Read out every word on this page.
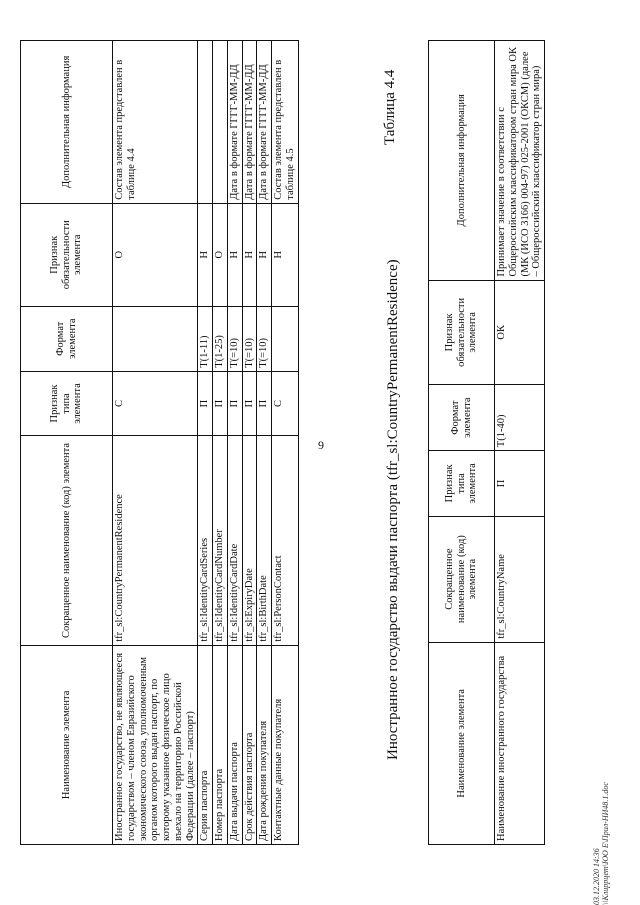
9
Наименование элемента	Сокращенное наименование (код) элемента	Признак типа элемента	Формат элемента	Признак обязательности элемента	Дополнительная информация
Иностранное государство, не являющееся государством – членом Евразийского экономического союза, уполномоченным органом которого выдан паспорт, по которому указанное физическое лицо въехало на территорию Российской Федерации (далее – паспорт)	tfr_sl:CountryPermanentResidence	С		О	Состав элемента представлен в таблице 4.4
Серия паспорта	tfr_sl:IdentityCardSeries	П	T(1-11)	Н	
Номер паспорта	tfr_sl:IdentityCardNumber	П	T(1-25)	О	
Дата выдачи паспорта	tfr_sl:IdentityCardDate	П	T(=10)	Н	Дата в формате ГГГГ-ММ-ДД
Срок действия паспорта	tfr_sl:ExpiryDate	П	T(=10)	Н	Дата в формате ГГГГ-ММ-ДД
Дата рождения покупателя	tfr_sl:BirthDate	П	T(=10)	Н	Дата в формате ГГГГ-ММ-ДД
Контактные данные покупателя	tfr_sl:PersonContact	С		Н	Состав элемента представлен в таблице 4.5
Иностранное государство выдачи паспорта (tfr_sl:CountryPermanentResidence)
Таблица 4.4
Наименование элемента	Сокращенное наименование (код) элемента	Признак типа элемента	Формат элемента	Признак обязательности элемента	Дополнительная информация
Наименование иностранного государства	tfr_sl:CountryName	П	T(1-40)	ОК	Принимает значение в соответствии с Общероссийским классификатором стран мира ОК (МК (ИСО 3166) 004-97) 025-2001 (ОКСМ) (далее – Общероссийский классификатор стран мира)
03.12.2020 14:36 \\Клиррцет\ЮО Е\Прил-НИ48.1.doc
